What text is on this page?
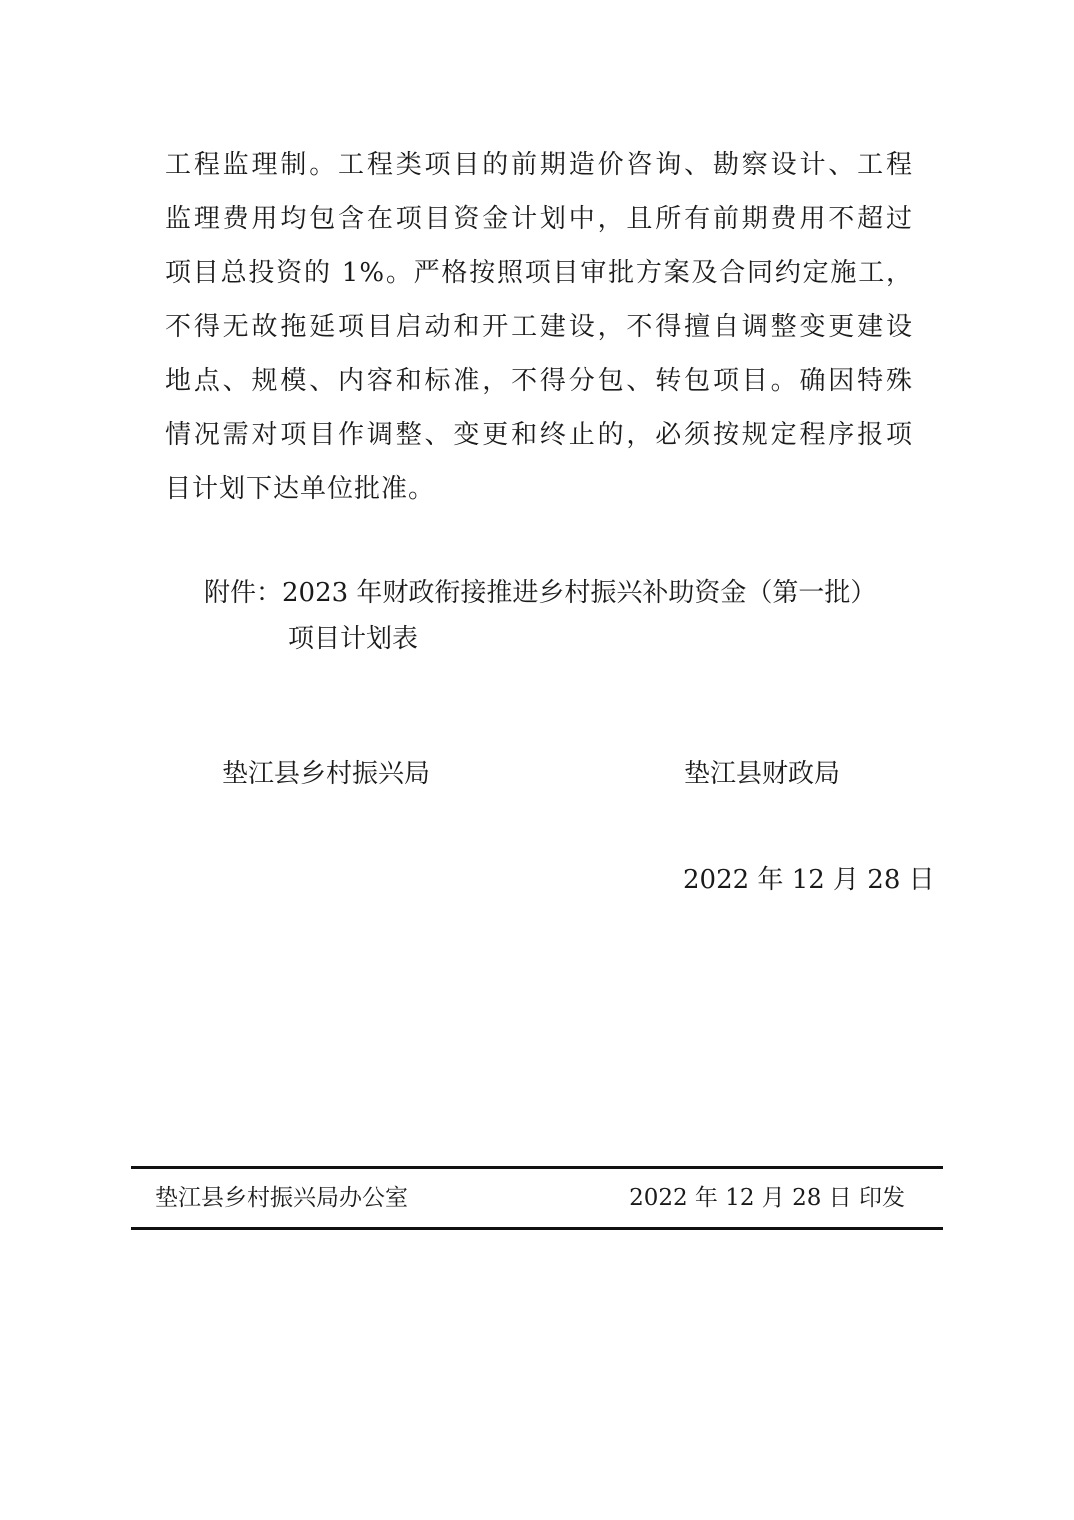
工程监理制。工程类项目的前期造价咨询、勘察设计、工程
监理费用均包含在项目资金计划中，且所有前期费用不超过
项目总投资的 1%。严格按照项目审批方案及合同约定施工，
不得无故拖延项目启动和开工建设，不得擅自调整变更建设
地点、规模、内容和标准，不得分包、转包项目。确因特殊
情况需对项目作调整、变更和终止的，必须按规定程序报项
目计划下达单位批准。
附件：2023 年财政衔接推进乡村振兴补助资金（第一批）
项目计划表
垫江县乡村振兴局	垫江县财政局
2022 年 12 月 28 日
垫江县乡村振兴局办公室	2022 年 12 月 28 日 印发
